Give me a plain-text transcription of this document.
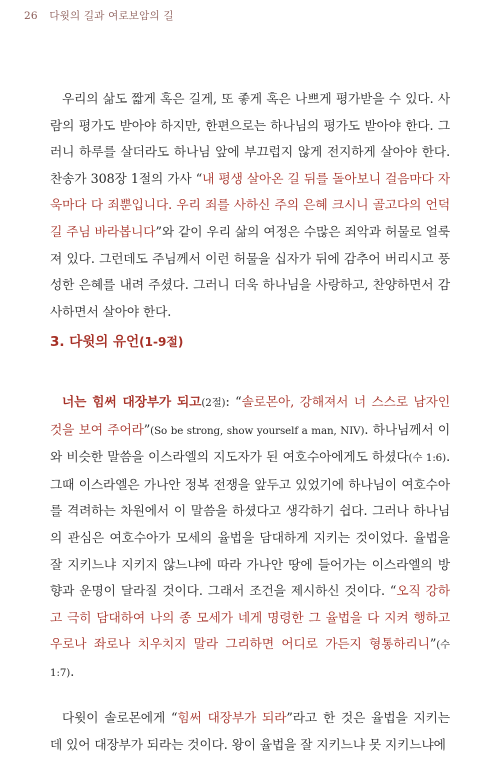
26 다윗의 길과 여로보암의 길

우리의 삶도 짧게 혹은 길게, 또 좋게 혹은 나쁘게 평가받을 수 있다. 사람의 평가도 받아야 하지만, 한편으로는 하나님의 평가도 받아야 한다. 그러니 하루를 살더라도 하나님 앞에 부끄럽지 않게 전지하게 살아야 한다. 찬송가 308장 1절의 가사 “내 평생 살아온 길 뒤를 돌아보니 걸음마다 자욱마다 다 죄뿐입니다. 우리 죄를 사하신 주의 은혜 크시니 골고다의 언덕길 주님 바라봅니다”와 같이 우리 삶의 여정은 수많은 죄악과 허물로 얼룩져 있다. 그런데도 주님께서 이런 허물을 십자가 뒤에 감추어 버리시고 풍성한 은혜를 내려 주셨다. 그러니 더욱 하나님을 사랑하고, 찬양하면서 감사하면서 살아야 한다.

3. 다윗의 유언(1-9절)

너는 힘써 대장부가 되고(2절): “솔로몬아, 강해져서 너 스스로 남자인 것을 보여 주어라”(So be strong, show yourself a man, NIV). 하나님께서 이와 비슷한 말씀을 이스라엘의 지도자가 된 여호수아에게도 하셨다(수 1:6). 그때 이스라엘은 가나안 정복 전쟁을 앞두고 있었기에 하나님이 여호수아를 격려하는 차원에서 이 말씀을 하셨다고 생각하기 쉽다. 그러나 하나님의 관심은 여호수아가 모세의 율법을 담대하게 지키는 것이었다. 율법을 잘 지키느냐 지키지 않느냐에 따라 가나안 땅에 들어가는 이스라엘의 방향과 운명이 달라질 것이다. 그래서 조건을 제시하신 것이다. “오직 강하고 극히 담대하여 나의 종 모세가 네게 명령한 그 율법을 다 지켜 행하고 우로나 좌로나 치우치지 말라 그리하면 어디로 가든지 형통하리니”(수 1:7).

다윗이 솔로몬에게 “힘써 대장부가 되라”라고 한 것은 율법을 지키는 데 있어 대장부가 되라는 것이다. 왕이 율법을 잘 지키느냐 못 지키느냐에
